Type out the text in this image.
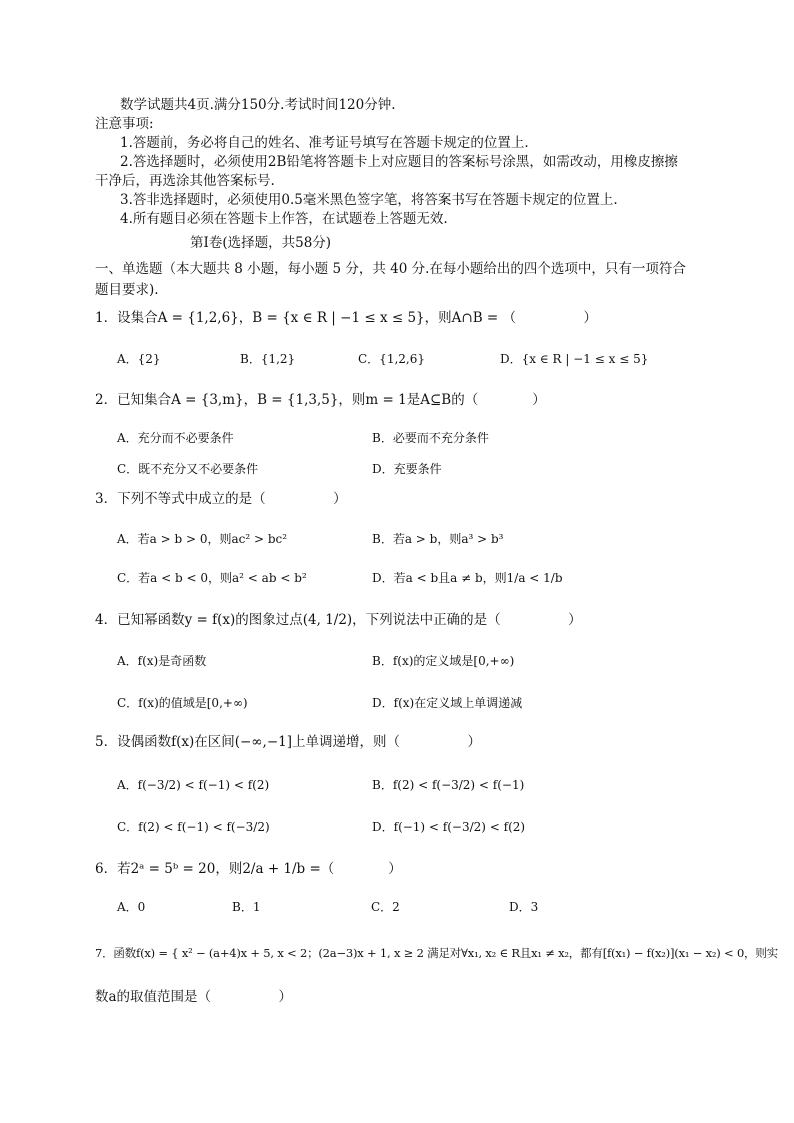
数学试题共4页.满分150分.考试时间120分钟.
注意事项:
1.答题前，务必将自己的姓名、准考证号填写在答题卡规定的位置上.
2.答选择题时，必须使用2B铅笔将答题卡上对应题目的答案标号涂黑，如需改动，用橡皮擦擦
干净后，再选涂其他答案标号.
3.答非选择题时，必须使用0.5毫米黑色签字笔，将答案书写在答题卡规定的位置上.
4.所有题目必须在答题卡上作答，在试题卷上答题无效.
第Ⅰ卷(选择题，共58分)
一、单选题（本大题共 8 小题，每小题 5 分，共 40 分.在每小题给出的四个选项中，只有一项符合
题目要求).
1．设集合A = {1,2,6}，B = {x ∈ R | −1 ≤ x ≤ 5}，则A∩B = （　　　　　）
A．{2}	B．{1,2}	C．{1,2,6}	D．{x ∈ R | −1 ≤ x ≤ 5}
2．已知集合A = {3,m}，B = {1,3,5}，则m = 1是A⊆B的（　　　　）
A．充分而不必要条件	B．必要而不充分条件
C．既不充分又不必要条件	D．充要条件
3．下列不等式中成立的是（　　　　　）
A．若a > b > 0，则ac² > bc²	B．若a > b，则a³ > b³
C．若a < b < 0，则a² < ab < b²	D．若a < b且a ≠ b，则1/a < 1/b
4．已知幂函数y = f(x)的图象过点(4, 1/2)，下列说法中正确的是（　　　　　）
A．f(x)是奇函数	B．f(x)的定义域是[0,+∞)
C．f(x)的值域是[0,+∞)	D．f(x)在定义域上单调递减
5．设偶函数f(x)在区间(−∞,−1]上单调递增，则（　　　　　）
A．f(−3/2) < f(−1) < f(2)	B．f(2) < f(−3/2) < f(−1)
C．f(2) < f(−1) < f(−3/2)	D．f(−1) < f(−3/2) < f(2)
6．若2ᵃ = 5ᵇ = 20，则2/a + 1/b =（　　　　）
A．0	B．1	C．2	D．3
7．函数f(x) = { x² − (a+4)x + 5, x < 2；(2a−3)x + 1, x ≥ 2 满足对∀x₁, x₂ ∈ R且x₁ ≠ x₂，都有[f(x₁) − f(x₂)](x₁ − x₂) < 0，则实
数a的取值范围是（　　　　　）
